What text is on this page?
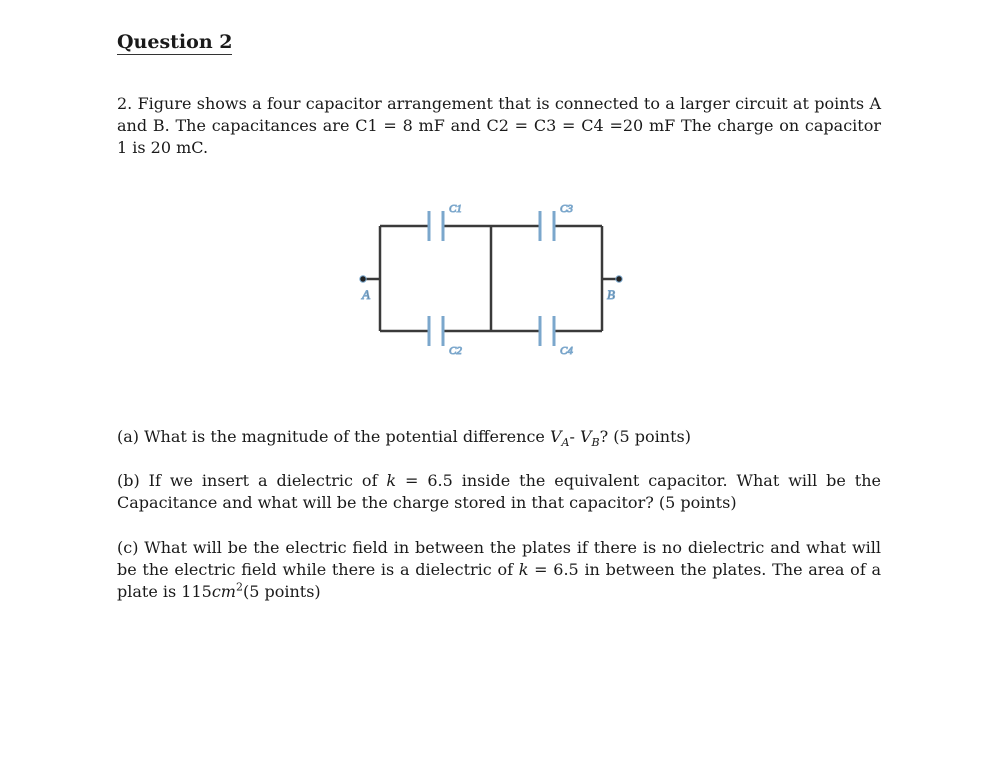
Question 2

2. Figure shows a four capacitor arrangement that is connected to a larger circuit at points A and B. The capacitances are C1 = 8 mF and C2 = C3 = C4 =20 mF The charge on capacitor 1 is 20 mC.

A	B
C1	C3
C2	C4

(a) What is the magnitude of the potential difference $V_A-$ $V_B$? (5 points)

(b) If we insert a dielectric of k = 6.5 inside the equivalent capacitor. What will be the Capacitance and what will be the charge stored in that capacitor? (5 points)

(c) What will be the electric field in between the plates if there is no dielectric and what will be the electric field while there is a dielectric of k = 6.5 in between the plates. The area of a plate is $115cm^2(5$ points)
